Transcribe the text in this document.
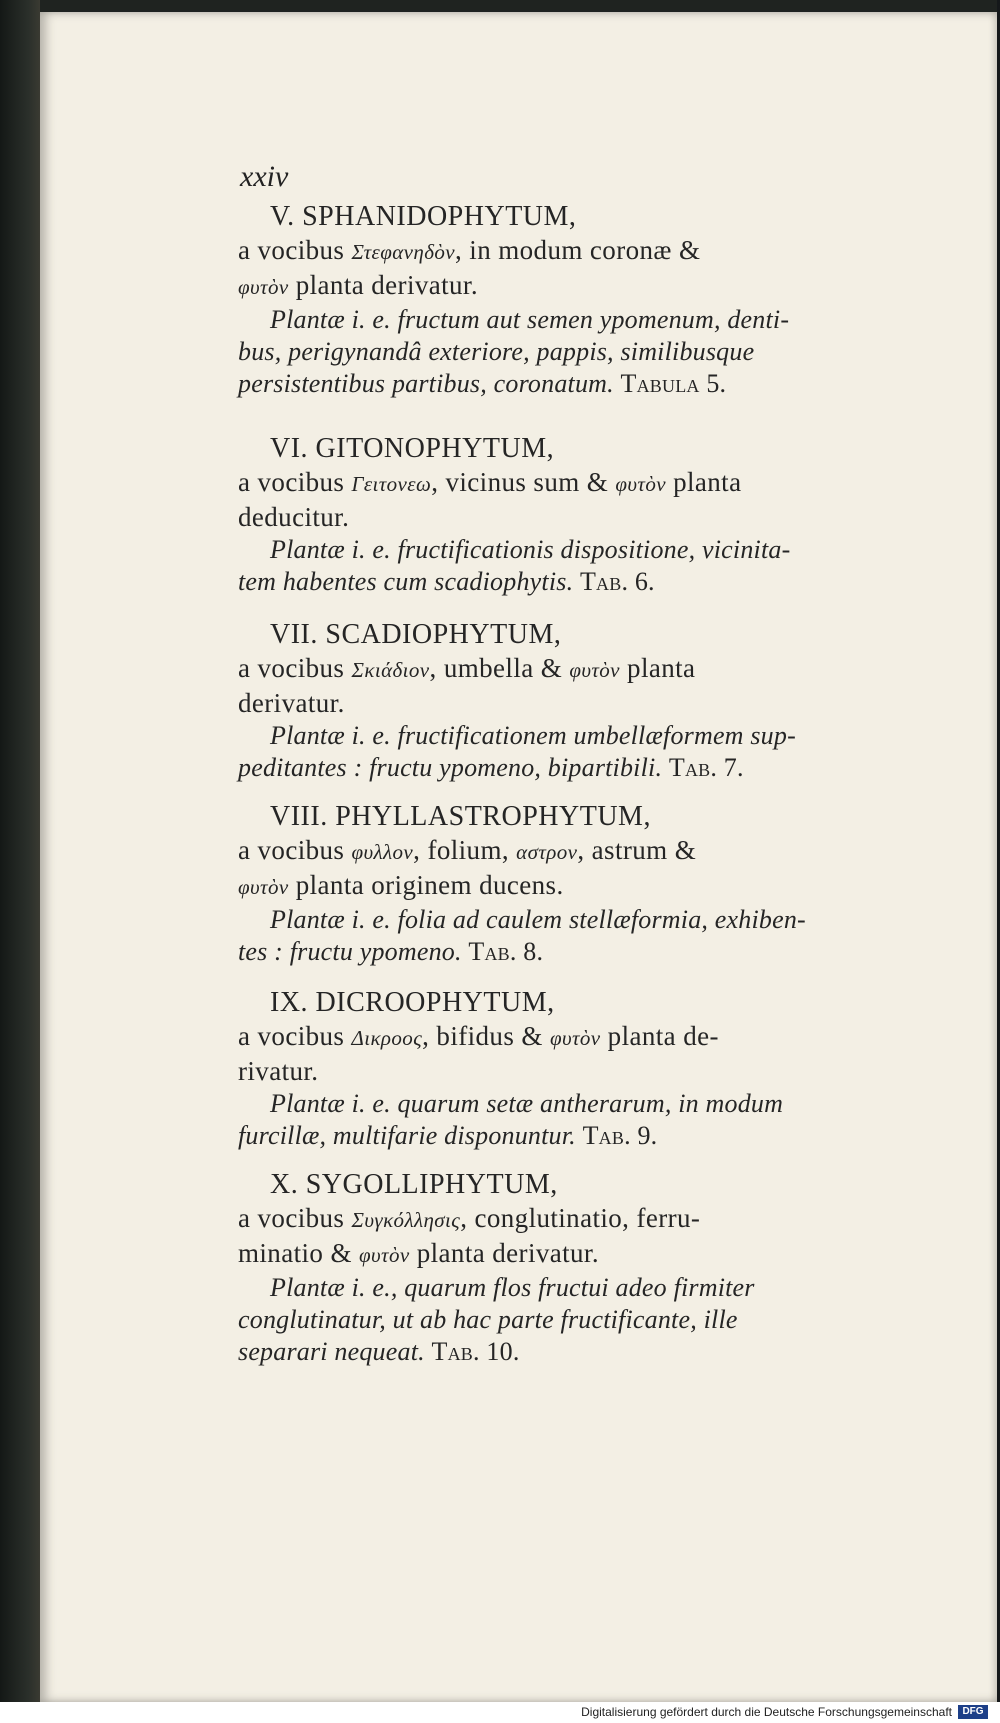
xxiv

V. SPHANIDOPHYTUM,

a vocibus Στεφανηδὸν, in modum coronæ &

φυτὸν planta derivatur.

Plantæ i. e. fructum aut semen ypomenum, denti-

bus, perigynandâ exteriore, pappis, similibusque

persistentibus partibus, coronatum. Tabula 5.

VI. GITONOPHYTUM,

a vocibus Γειτονεω, vicinus sum & φυτὸν planta

deducitur.

Plantæ i. e. fructificationis dispositione, vicinita-

tem habentes cum scadiophytis. Tab. 6.

VII. SCADIOPHYTUM,

a vocibus Σκιάδιον, umbella & φυτὸν planta

derivatur.

Plantæ i. e. fructificationem umbellæformem sup-

peditantes : fructu ypomeno, bipartibili. Tab. 7.

VIII. PHYLLASTROPHYTUM,

a vocibus φυλλον, folium, αστρον, astrum &

φυτὸν planta originem ducens.

Plantæ i. e. folia ad caulem stellæformia, exhiben-

tes : fructu ypomeno. Tab. 8.

IX. DICROOPHYTUM,

a vocibus Δικροος, bifidus & φυτὸν planta de-

rivatur.

Plantæ i. e. quarum setæ antherarum, in modum

furcillæ, multifarie disponuntur. Tab. 9.

X. SYGOLLIPHYTUM,

a vocibus Συγκόλλησις, conglutinatio, ferru-

minatio & φυτὸν planta derivatur.

Plantæ i. e., quarum flos fructui adeo firmiter

conglutinatur, ut ab hac parte fructificante, ille

separari nequeat. Tab. 10.

Digitalisierung gefördert durch die Deutsche Forschungsgemeinschaft	DFG
